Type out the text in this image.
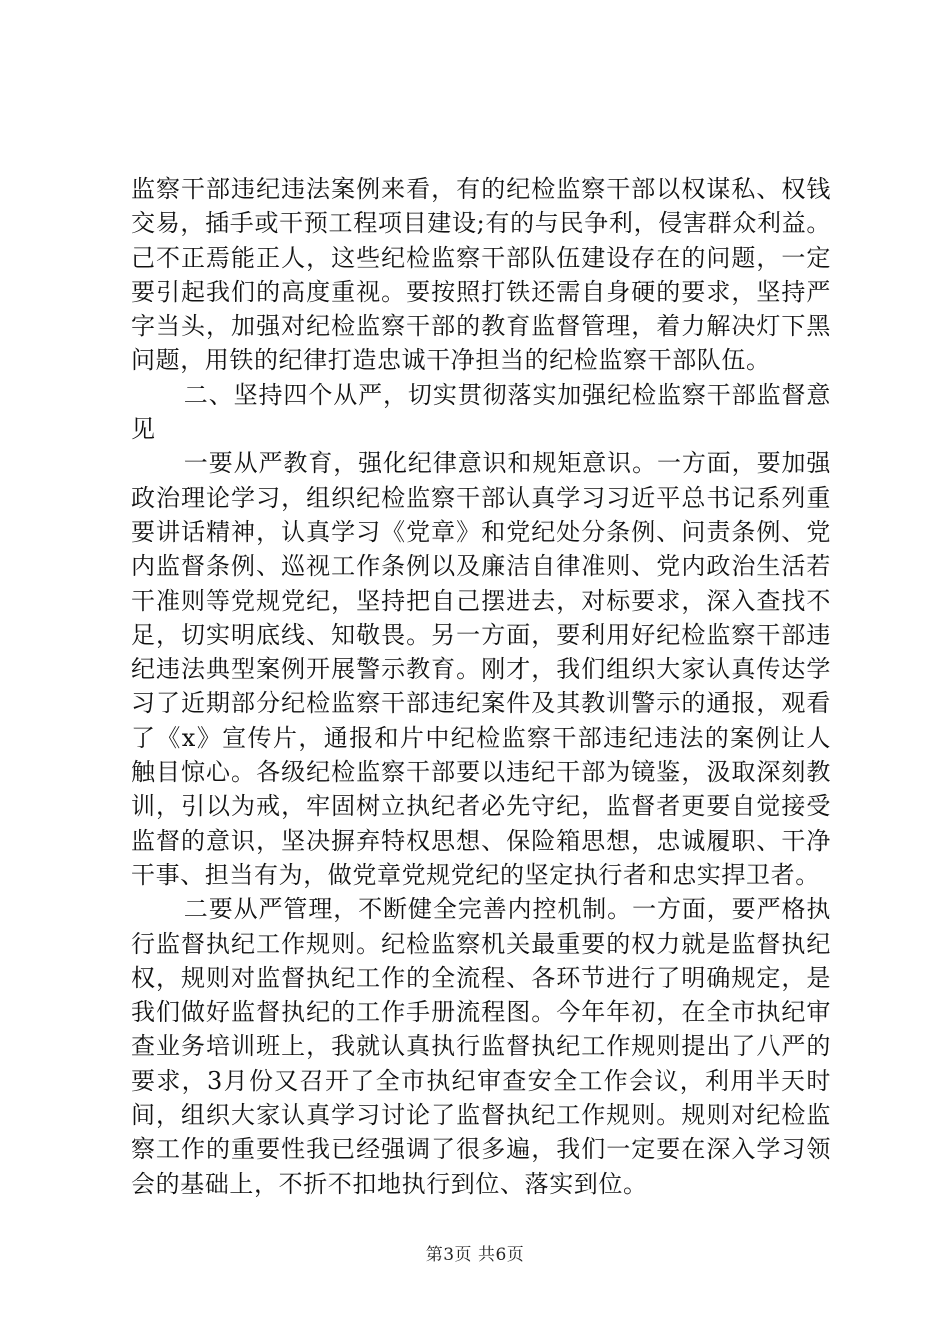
监察干部违纪违法案例来看，有的纪检监察干部以权谋私、权钱交易，插手或干预工程项目建设;有的与民争利，侵害群众利益。己不正焉能正人，这些纪检监察干部队伍建设存在的问题，一定要引起我们的高度重视。要按照打铁还需自身硬的要求，坚持严字当头，加强对纪检监察干部的教育监督管理，着力解决灯下黑问题，用铁的纪律打造忠诚干净担当的纪检监察干部队伍。

二、坚持四个从严，切实贯彻落实加强纪检监察干部监督意见

一要从严教育，强化纪律意识和规矩意识。一方面，要加强政治理论学习，组织纪检监察干部认真学习习近平总书记系列重要讲话精神，认真学习《党章》和党纪处分条例、问责条例、党内监督条例、巡视工作条例以及廉洁自律准则、党内政治生活若干准则等党规党纪，坚持把自己摆进去，对标要求，深入查找不足，切实明底线、知敬畏。另一方面，要利用好纪检监察干部违纪违法典型案例开展警示教育。刚才，我们组织大家认真传达学习了近期部分纪检监察干部违纪案件及其教训警示的通报，观看了《x》宣传片，通报和片中纪检监察干部违纪违法的案例让人触目惊心。各级纪检监察干部要以违纪干部为镜鉴，汲取深刻教训，引以为戒，牢固树立执纪者必先守纪，监督者更要自觉接受监督的意识，坚决摒弃特权思想、保险箱思想，忠诚履职、干净干事、担当有为，做党章党规党纪的坚定执行者和忠实捍卫者。

二要从严管理，不断健全完善内控机制。一方面，要严格执行监督执纪工作规则。纪检监察机关最重要的权力就是监督执纪权，规则对监督执纪工作的全流程、各环节进行了明确规定，是我们做好监督执纪的工作手册流程图。今年年初，在全市执纪审查业务培训班上，我就认真执行监督执纪工作规则提出了八严的要求，3月份又召开了全市执纪审查安全工作会议，利用半天时间，组织大家认真学习讨论了监督执纪工作规则。规则对纪检监察工作的重要性我已经强调了很多遍，我们一定要在深入学习领会的基础上，不折不扣地执行到位、落实到位。

第3页 共6页
